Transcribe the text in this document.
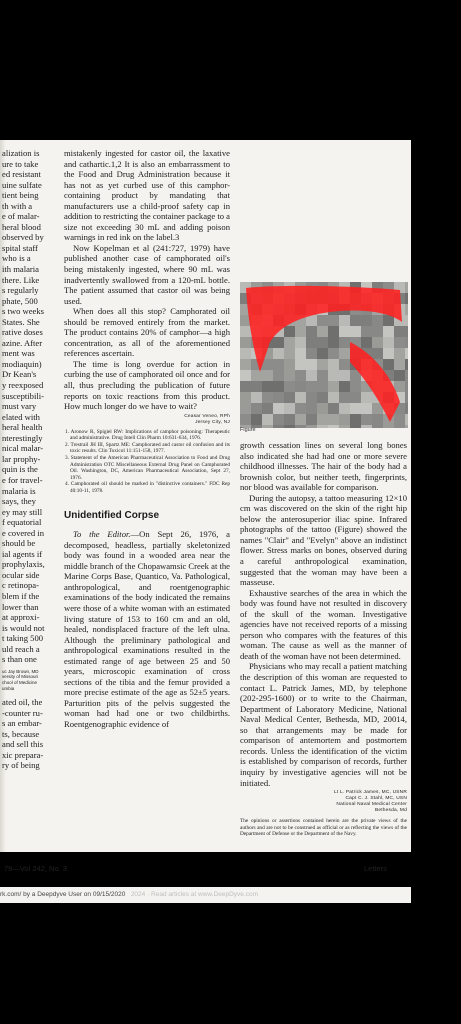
alization is
ure to take
ed resistant
uine sulfate
tient being
th with a
e of malar-
heral blood
observed by
spital staff
who is a
ith malaria
there. Like
s regularly
phate, 500
s two weeks
States. She
rative doses
azine. After
ment was
modiaquin)
Dr Kean's
y reexposed
susceptibili-
must vary
elated with
heral health
nterestingly
nical malar-
lar prophy-
quin is the
e for travel-
malaria is
says, they
ey may still
f equatorial
e covered in
should be
ial agents if
prophylaxis,
ocular side
c retinopa-
blem if the
lower than
at approxi-
is would not
t taking 500
uld reach a
s than one
uc Jay Brown, MD
versity of Missouri
chool of Medicine
umbia
ated oil, the
-counter ru-
s an embar-
ts, because
and sell this
xic prepara-
ry of being

mistakenly ingested for castor oil, the laxative and cathartic.1,2 It is also an embarrassment to the Food and Drug Administration because it has not as yet curbed use of this camphor-containing product by mandating that manufacturers use a child-proof safety cap in addition to restricting the container package to a size not exceeding 30 mL and adding poison warnings in red ink on the label.3

Now Kopelman et al (241:727, 1979) have published another case of camphorated oil's being mistakenly ingested, where 90 mL was inadvertently swallowed from a 120-mL bottle. The patient assumed that castor oil was being used.

When does all this stop? Camphorated oil should be removed entirely from the market. The product contains 20% of camphor—a high concentration, as all of the aforementioned references ascertain.

The time is long overdue for action in curbing the use of camphorated oil once and for all, thus precluding the publication of future reports on toxic reactions from this product. How much longer do we have to wait?

Ceasar Veneo, RPh
Jersey City, NJ
1. Aronow R, Spigiel RW: Implications of camphor poisoning: Therapeutic and administrative. Drug Intell Clin Pharm 10:631-634, 1976.
2. Trestrail JH III, Spartz ME: Camphorated and castor oil confusion and its toxic results. Clin Toxicol 11:151-158, 1977.
3. Statement of the American Pharmaceutical Association to Food and Drug Administration OTC Miscellaneous External Drug Panel on Camphorated Oil. Washington, DC, American Pharmaceutical Association, Sept 27, 1976.
4. Camphorated oil should be marked in "distinctive containers." FDC Rep 40:10-11, 1978.
Unidentified Corpse

To the Editor.—On Sept 26, 1976, a decomposed, headless, partially skeletonized body was found in a wooded area near the middle branch of the Chopawamsic Creek at the Marine Corps Base, Quantico, Va. Pathological, anthropological, and roentgenographic examinations of the body indicated the remains were those of a white woman with an estimated living stature of 153 to 160 cm and an old, healed, nondisplaced fracture of the left ulna. Although the preliminary pathological and anthropological examinations resulted in the estimated range of age between 25 and 50 years, microscopic examination of cross sections of the tibia and the femur provided a more precise estimate of the age as 52±5 years. Parturition pits of the pelvis suggested the woman had had one or two childbirths. Roentgenographic evidence of

Figure

growth cessation lines on several long bones also indicated she had had one or more severe childhood illnesses. The hair of the body had a brownish color, but neither teeth, fingerprints, nor blood was available for comparison.

During the autopsy, a tattoo measuring 12×10 cm was discovered on the skin of the right hip below the anterosuperior iliac spine. Infrared photographs of the tattoo (Figure) showed the names "Clair" and "Evelyn" above an indistinct flower. Stress marks on bones, observed during a careful anthropological examination, suggested that the woman may have been a masseuse.

Exhaustive searches of the area in which the body was found have not resulted in discovery of the skull of the woman. Investigative agencies have not received reports of a missing person who compares with the features of this woman. The cause as well as the manner of death of the woman have not been determined.

Physicians who may recall a patient matching the description of this woman are requested to contact L. Patrick James, MD, by telephone (202-295-1600) or to write to the Chairman, Department of Laboratory Medicine, National Naval Medical Center, Bethesda, MD, 20014, so that arrangements may be made for comparison of antemortem and postmortem records. Unless the identification of the victim is established by comparison of records, further inquiry by investigative agencies will not be initiated.

Lt L. Patrick James, MC, USNR
Capt C. J. Stahl, MC, USN
National Naval Medical Center
Bethesda, Md
The opinions or assertions contained herein are the private views of the authors and are not to be construed as official or as reflecting the views of the Department of Defense or the Department of the Navy.
79—Vol 242, No. 3	Letters
rk.com/ by a Deepdyve User on 09/15/2020 2024 · Read articles at www.DeepDyve.com
